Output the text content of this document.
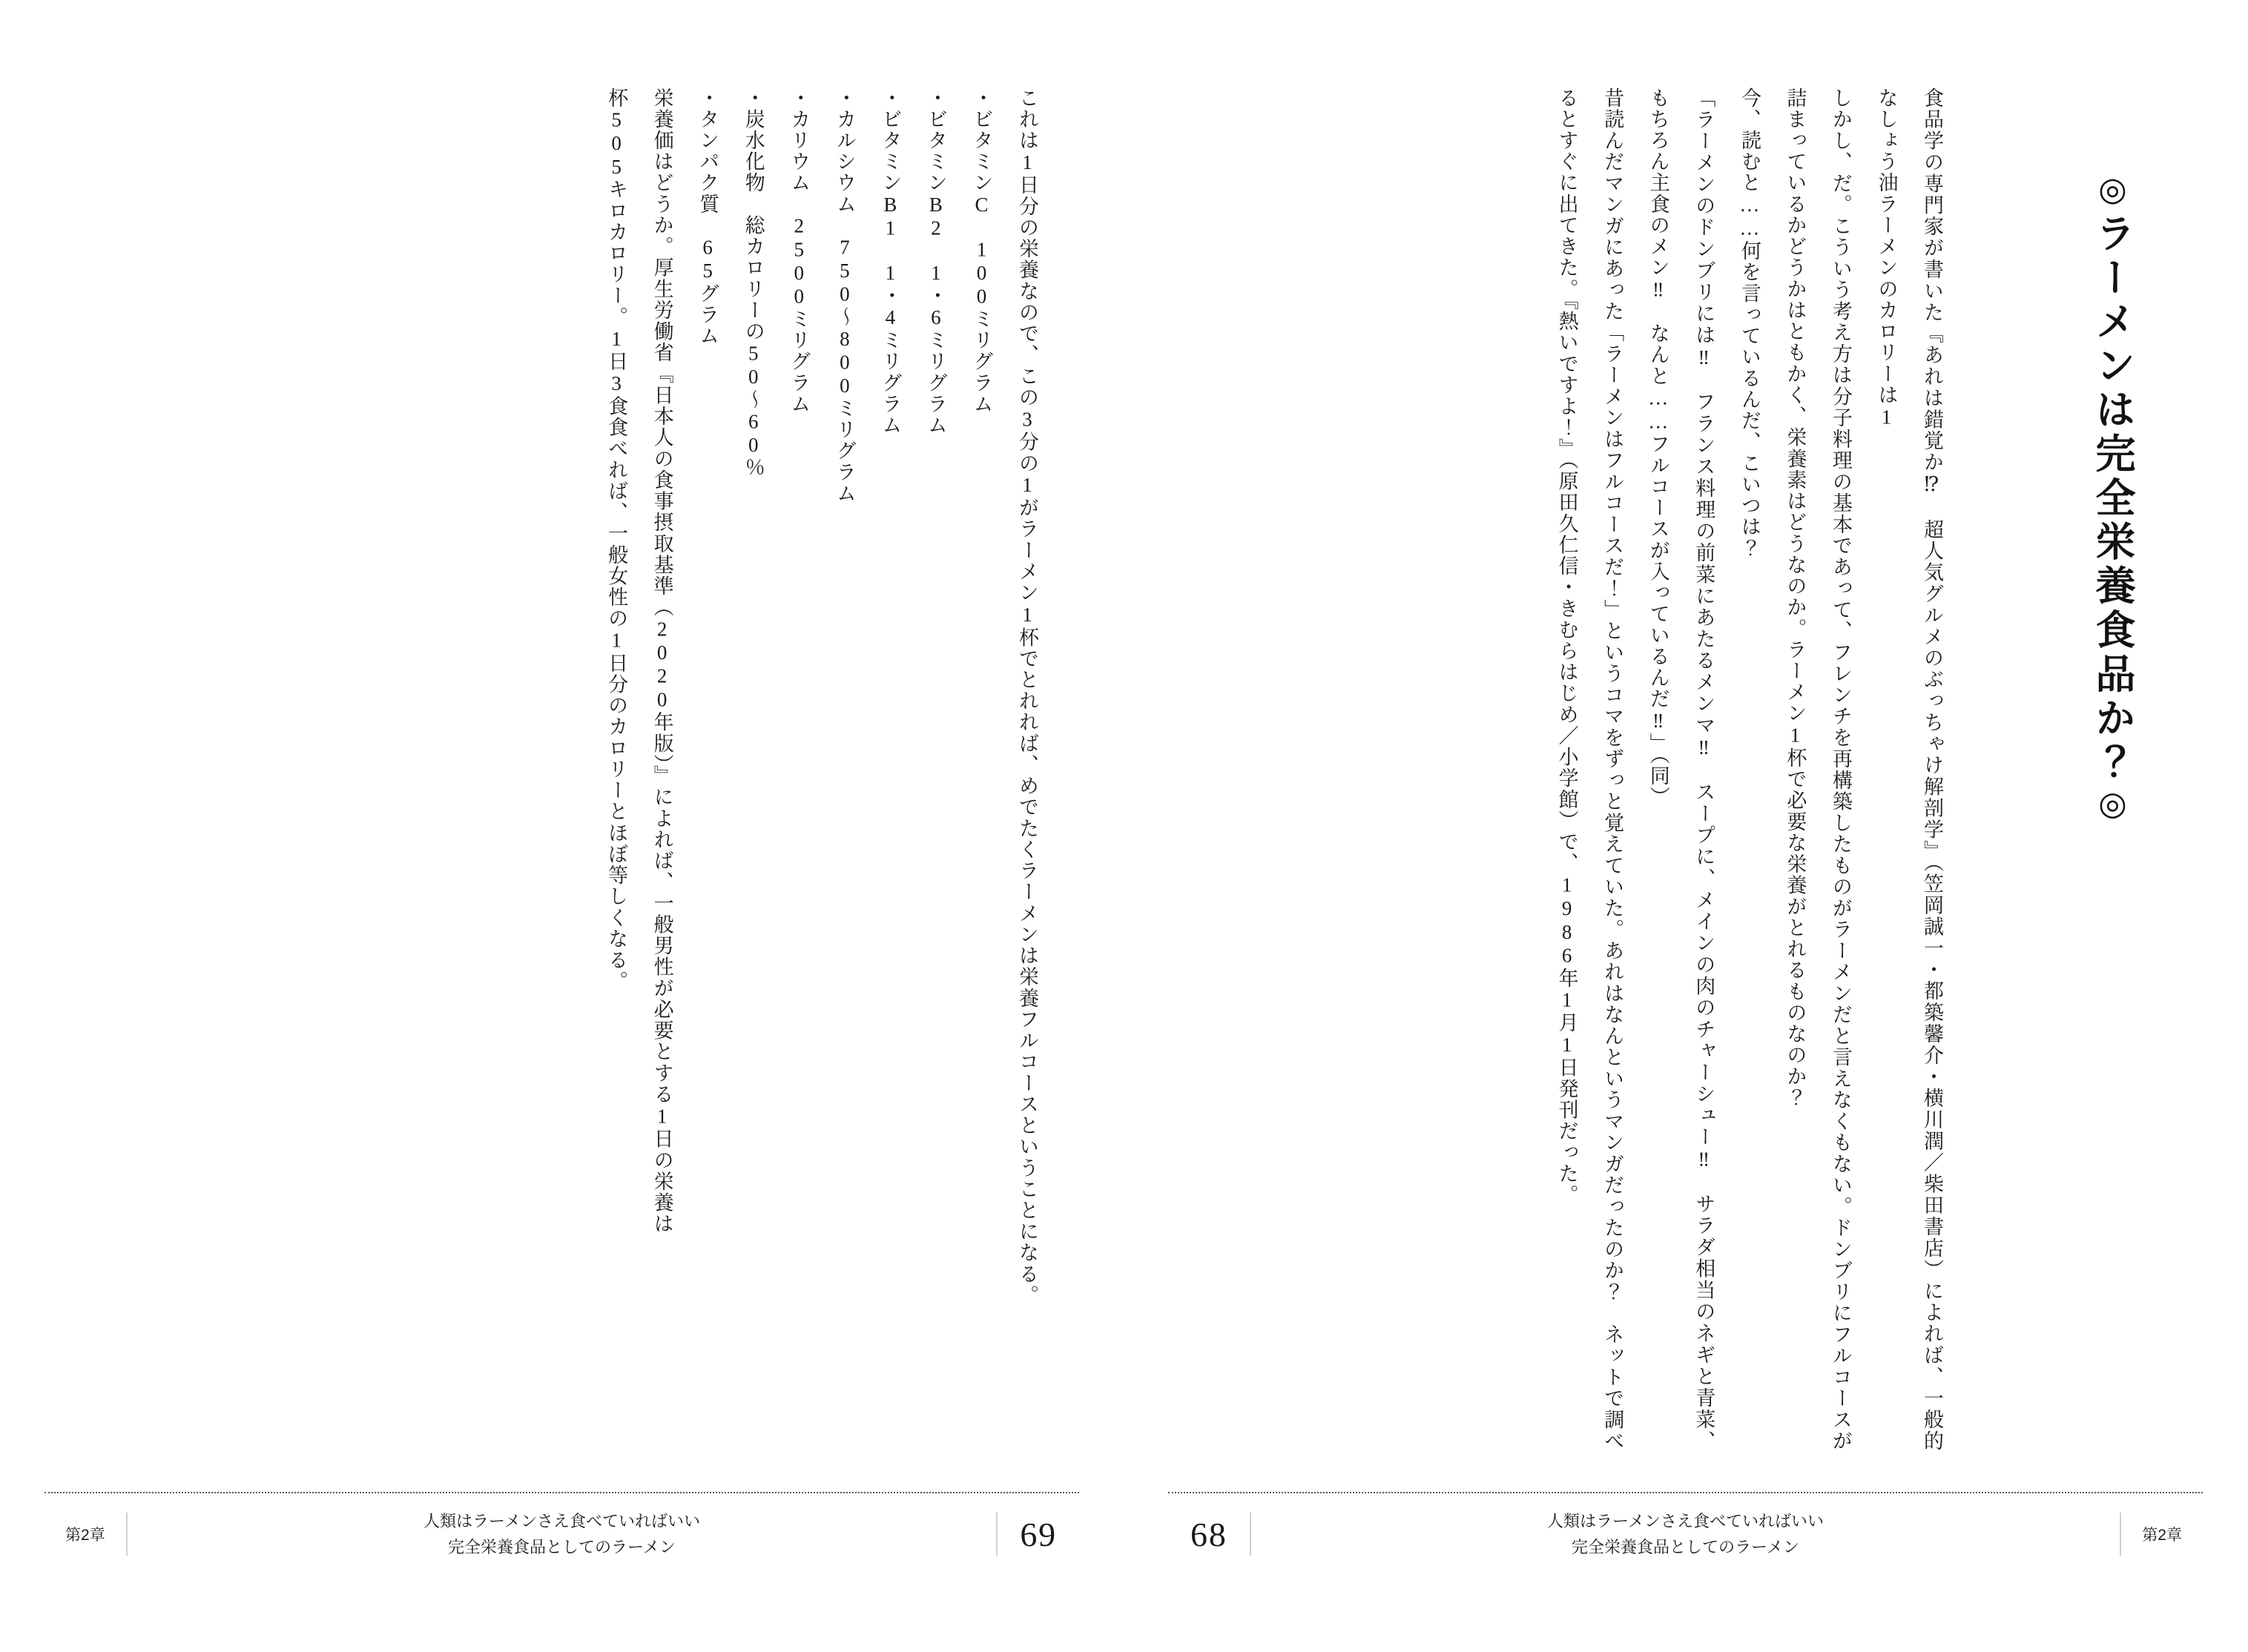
これは1日分の栄養なので、この3分の1がラーメン1杯でとれれば、めでたくラーメンは栄養フルコースということになる。
・ビタミンC　100ミリグラム
・ビタミンB2　1・6ミリグラム
・ビタミンB1　1・4ミリグラム
・カルシウム　750〜800ミリグラム
・カリウム　2500ミリグラム
・炭水化物　総カロリーの50〜60％
・タンパク質　65グラム
栄養価はどうか。厚生労働省『日本人の食事摂取基準（2020年版）』によれば、一般男性が必要とする1日の栄養は
杯505キロカロリー。1日3食食べれば、一般女性の1日分のカロリーとほぼ等しくなる。
第2章
人類はラーメンさえ食べていればいい
完全栄養食品としてのラーメン	69
◎ラーメンは完全栄養食品か？◎
食品学の専門家が書いた『あれは錯覚か⁉　超人気グルメのぶっちゃけ解剖学』（笠岡誠一・都築馨介・横川潤／柴田書店）によれば、一般的なしょう油ラーメンのカロリーは1
しかし、だ。こういう考え方は分子料理の基本であって、フレンチを再構築したものがラーメンだと言えなくもない。ドンブリにフルコースが詰まっているかどうかはともかく、栄養素はどうなのか。ラーメン1杯で必要な栄養がとれるものなのか？
今、読むと……何を言っているんだ、こいつは？
「ラーメンのドンブリには‼　フランス料理の前菜にあたるメンマ‼　スープに、メインの肉のチャーシュー‼　サラダ相当のネギと青菜、もちろん主食のメン‼　なんと……フルコースが入っているんだ‼」（同）
昔読んだマンガにあった「ラーメンはフルコースだ！」というコマをずっと覚えていた。あれはなんというマンガだったのか？　ネットで調べるとすぐに出てきた。『熱いですよ！』（原田久仁信・きむらはじめ／小学館）で、1986年1月1日発刊だった。
68	人類はラーメンさえ食べていればいい
完全栄養食品としてのラーメン
第2章
